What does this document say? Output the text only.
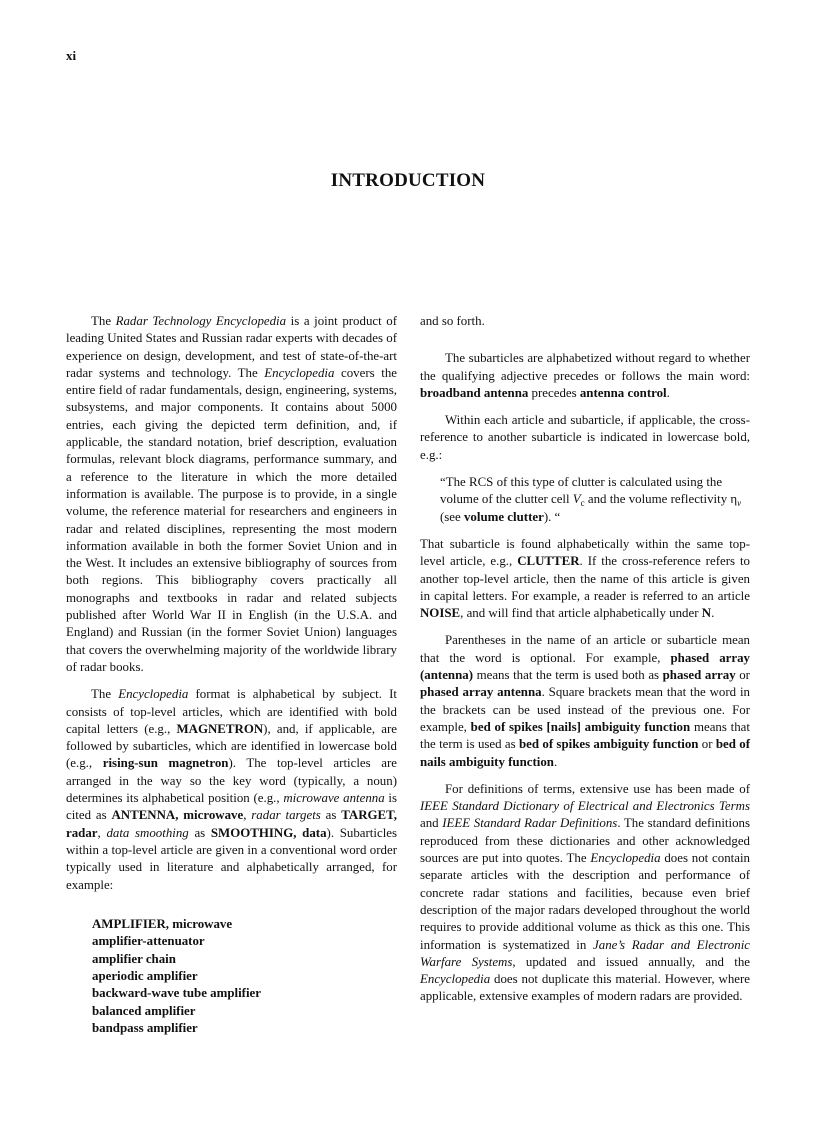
xi
INTRODUCTION

The Radar Technology Encyclopedia is a joint product of leading United States and Russian radar experts with decades of experience on design, development, and test of state-of-the-art radar systems and technology. The Encyclopedia covers the entire field of radar fundamentals, design, engineering, systems, subsystems, and major components. It contains about 5000 entries, each giving the depicted term definition, and, if applicable, the standard notation, brief description, evaluation formulas, relevant block diagrams, performance summary, and a reference to the literature in which the more detailed information is available. The purpose is to provide, in a single volume, the reference material for researchers and engineers in radar and related disciplines, representing the most modern information available in both the former Soviet Union and in the West. It includes an extensive bibliography of sources from both regions. This bibliography covers practically all monographs and textbooks in radar and related subjects published after World War II in English (in the U.S.A. and England) and Russian (in the former Soviet Union) languages that covers the overwhelming majority of the worldwide library of radar books.

The Encyclopedia format is alphabetical by subject. It consists of top-level articles, which are identified with bold capital letters (e.g., MAGNETRON), and, if applicable, are followed by subarticles, which are identified in lowercase bold (e.g., rising-sun magnetron). The top-level articles are arranged in the way so the key word (typically, a noun) determines its alphabetical position (e.g., microwave antenna is cited as ANTENNA, microwave, radar targets as TARGET, radar, data smoothing as SMOOTHING, data). Subarticles within a top-level article are given in a conventional word order typically used in literature and alphabetically arranged, for example:

AMPLIFIER, microwave
amplifier-attenuator
amplifier chain
aperiodic amplifier
backward-wave tube amplifier
balanced amplifier
bandpass amplifier

and so forth.

The subarticles are alphabetized without regard to whether the qualifying adjective precedes or follows the main word: broadband antenna precedes antenna control.

Within each article and subarticle, if applicable, the cross-reference to another subarticle is indicated in lowercase bold, e.g.:

“The RCS of this type of clutter is calculated using the volume of the clutter cell $V_c$ and the volume reflectivity $\eta_v$ (see volume clutter). “

That subarticle is found alphabetically within the same top-level article, e.g., CLUTTER. If the cross-reference refers to another top-level article, then the name of this article is given in capital letters. For example, a reader is referred to an article NOISE, and will find that article alphabetically under N.

Parentheses in the name of an article or subarticle mean that the word is optional. For example, phased array (antenna) means that the term is used both as phased array or phased array antenna. Square brackets mean that the word in the brackets can be used instead of the previous one. For example, bed of spikes [nails] ambiguity function means that the term is used as bed of spikes ambiguity function or bed of nails ambiguity function.

For definitions of terms, extensive use has been made of IEEE Standard Dictionary of Electrical and Electronics Terms and IEEE Standard Radar Definitions. The standard definitions reproduced from these dictionaries and other acknowledged sources are put into quotes. The Encyclopedia does not contain separate articles with the description and performance of concrete radar stations and facilities, because even brief description of the major radars developed throughout the world requires to provide additional volume as thick as this one. This information is systematized in Jane’s Radar and Electronic Warfare Systems, updated and issued annually, and the Encyclopedia does not duplicate this material. However, where applicable, extensive examples of modern radars are provided.
